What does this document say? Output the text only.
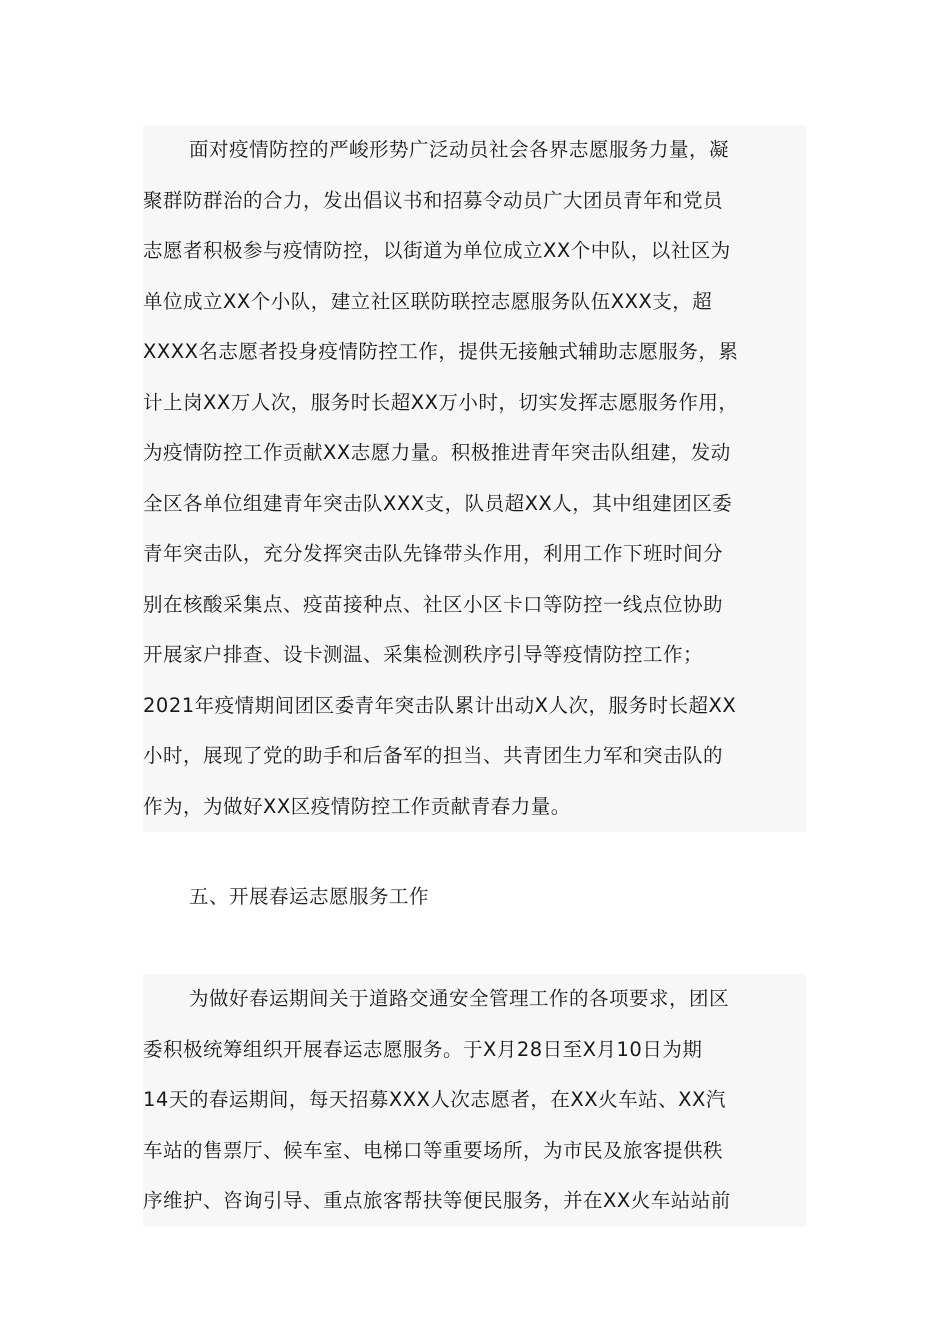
面对疫情防控的严峻形势广泛动员社会各界志愿服务力量，凝
聚群防群治的合力，发出倡议书和招募令动员广大团员青年和党员
志愿者积极参与疫情防控，以街道为单位成立XX个中队，以社区为
单位成立XX个小队，建立社区联防联控志愿服务队伍XXX支，超
XXXX名志愿者投身疫情防控工作，提供无接触式辅助志愿服务，累
计上岗XX万人次，服务时长超XX万小时，切实发挥志愿服务作用，
为疫情防控工作贡献XX志愿力量。积极推进青年突击队组建，发动
全区各单位组建青年突击队XXX支，队员超XX人，其中组建团区委
青年突击队，充分发挥突击队先锋带头作用，利用工作下班时间分
别在核酸采集点、疫苗接种点、社区小区卡口等防控一线点位协助
开展家户排查、设卡测温、采集检测秩序引导等疫情防控工作；
2021年疫情期间团区委青年突击队累计出动X人次，服务时长超XX
小时，展现了党的助手和后备军的担当、共青团生力军和突击队的
作为，为做好XX区疫情防控工作贡献青春力量。
五、开展春运志愿服务工作
为做好春运期间关于道路交通安全管理工作的各项要求，团区
委积极统筹组织开展春运志愿服务。于X月28日至X月10日为期
14天的春运期间，每天招募XXX人次志愿者，在XX火车站、XX汽
车站的售票厅、候车室、电梯口等重要场所，为市民及旅客提供秩
序维护、咨询引导、重点旅客帮扶等便民服务，并在XX火车站站前
